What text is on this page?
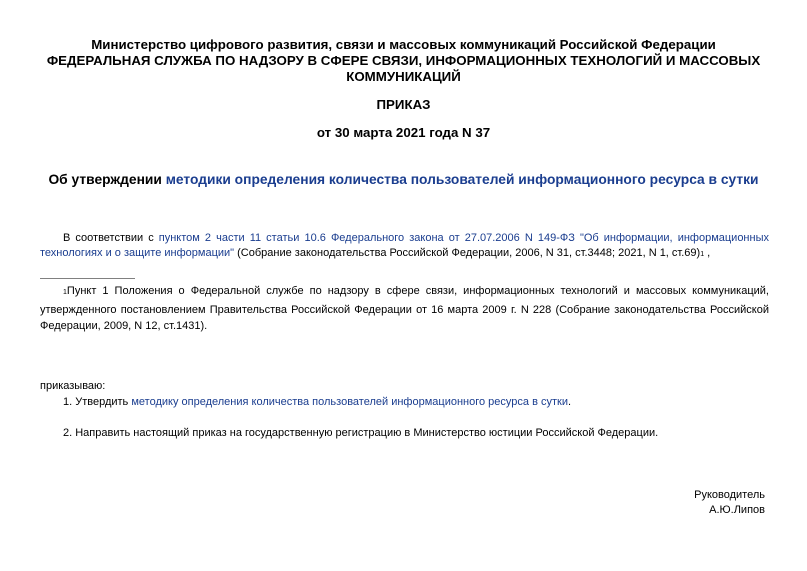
Министерство цифрового развития, связи и массовых коммуникаций Российской Федерации
ФЕДЕРАЛЬНАЯ СЛУЖБА ПО НАДЗОРУ В СФЕРЕ СВЯЗИ, ИНФОРМАЦИОННЫХ ТЕХНОЛОГИЙ И МАССОВЫХ КОММУНИКАЦИЙ
ПРИКАЗ
от 30 марта 2021 года N 37
Об утверждении методики определения количества пользователей информационного ресурса в сутки
В соответствии с пунктом 2 части 11 статьи 10.6 Федерального закона от 27.07.2006 N 149-ФЗ "Об информации, информационных технологиях и о защите информации" (Собрание законодательства Российской Федерации, 2006, N 31, ст.3448; 2021, N 1, ст.69)1 ,
1Пункт 1 Положения о Федеральной службе по надзору в сфере связи, информационных технологий и массовых коммуникаций, утвержденного постановлением Правительства Российской Федерации от 16 марта 2009 г. N 228 (Собрание законодательства Российской Федерации, 2009, N 12, ст.1431).
приказываю:
1. Утвердить методику определения количества пользователей информационного ресурса в сутки.
2. Направить настоящий приказ на государственную регистрацию в Министерство юстиции Российской Федерации.
Руководитель
А.Ю.Липов
